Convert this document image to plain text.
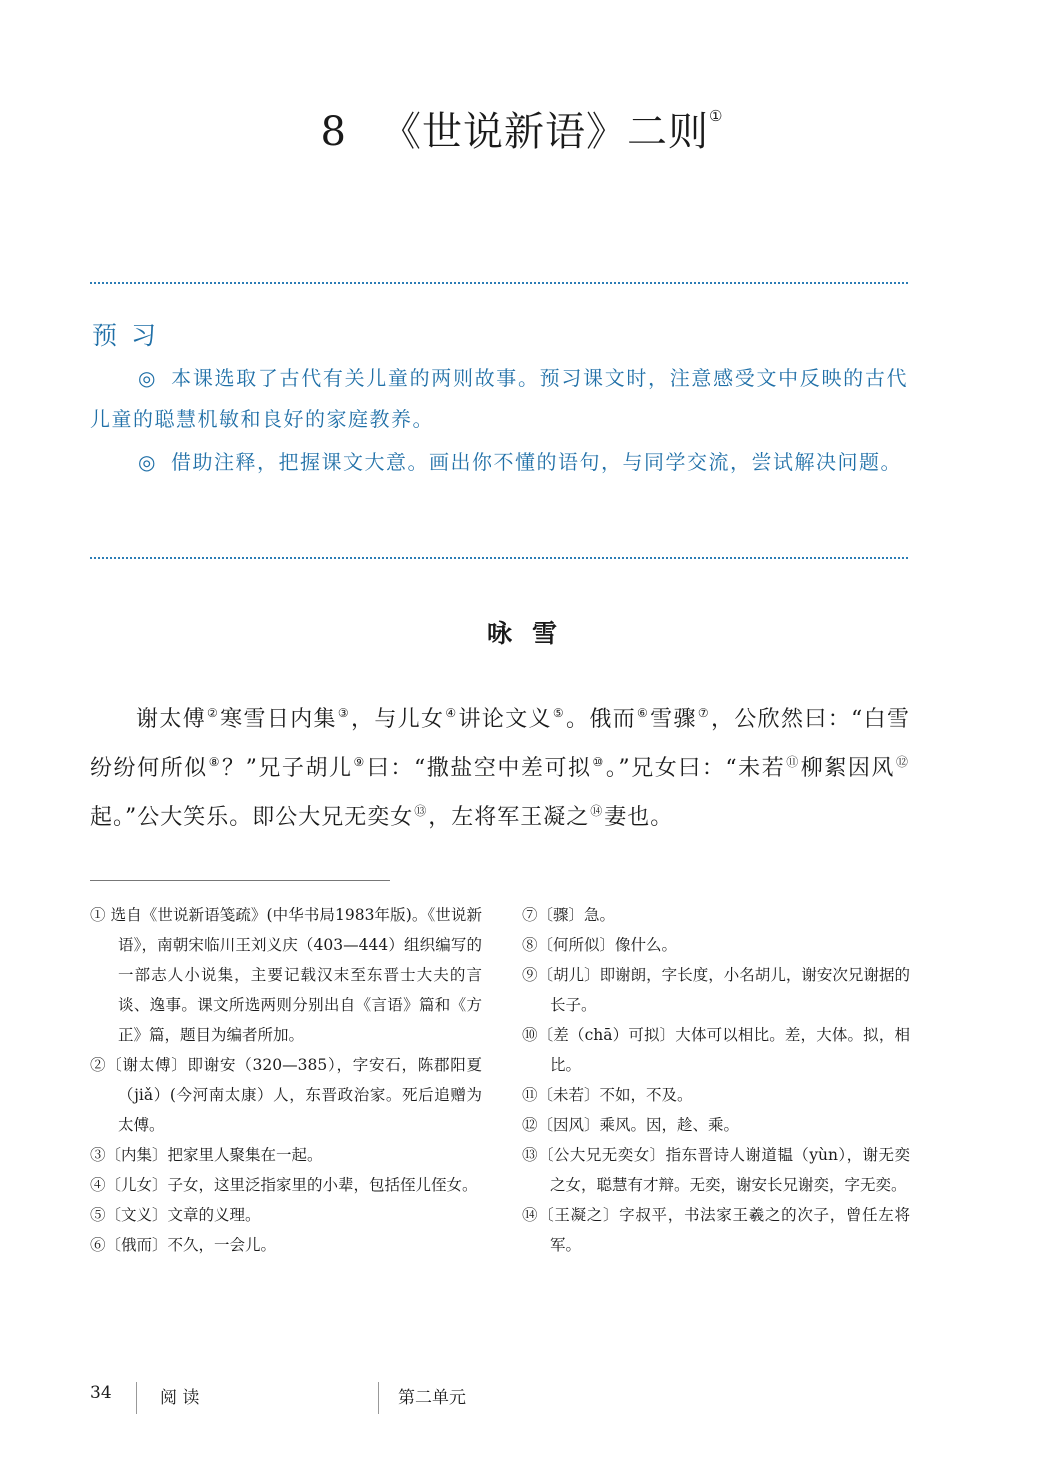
8 《世说新语》二则①
预习
◎ 本课选取了古代有关儿童的两则故事。预习课文时，注意感受文中反映的古代儿童的聪慧机敏和良好的家庭教养。
◎ 借助注释，把握课文大意。画出你不懂的语句，与同学交流，尝试解决问题。
咏雪
谢太傅②寒雪日内集③，与儿女④讲论文义⑤。俄而⑥雪骤⑦，公欣然曰：“白雪纷纷何所似⑧？”兄子胡儿⑨曰：“撒盐空中差可拟⑩。”兄女曰：“未若⑪柳絮因风⑫起。”公大笑乐。即公大兄无奕女⑬，左将军王凝之⑭妻也。
① 选自《世说新语笺疏》(中华书局1983年版)。《世说新语》，南朝宋临川王刘义庆（403—444）组织编写的一部志人小说集，主要记载汉末至东晋士大夫的言谈、逸事。课文所选两则分别出自《言语》篇和《方正》篇，题目为编者所加。
②〔谢太傅〕即谢安（320—385），字安石，陈郡阳夏（jiǎ）(今河南太康）人，东晋政治家。死后追赠为太傅。
③〔内集〕把家里人聚集在一起。
④〔儿女〕子女，这里泛指家里的小辈，包括侄儿侄女。
⑤〔文义〕文章的义理。
⑥〔俄而〕不久，一会儿。
⑦〔骤〕急。
⑧〔何所似〕像什么。
⑨〔胡儿〕即谢朗，字长度，小名胡儿，谢安次兄谢据的长子。
⑩〔差（chā）可拟〕大体可以相比。差，大体。拟，相比。
⑪〔未若〕不如，不及。
⑫〔因风〕乘风。因，趁、乘。
⑬〔公大兄无奕女〕指东晋诗人谢道韫（yùn），谢无奕之女，聪慧有才辩。无奕，谢安长兄谢奕，字无奕。
⑭〔王凝之〕字叔平，书法家王羲之的次子，曾任左将军。
34	阅 读	第二单元
